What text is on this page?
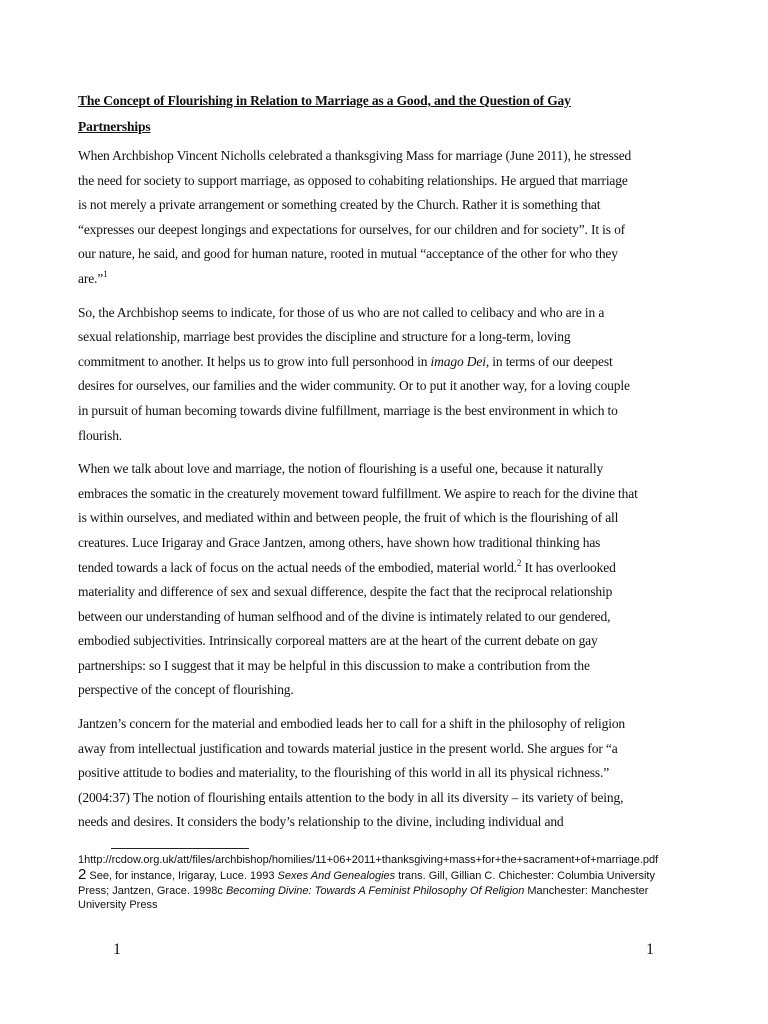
The Concept of Flourishing in Relation to Marriage as a Good, and the Question of Gay Partnerships

When Archbishop Vincent Nicholls celebrated a thanksgiving Mass for marriage (June 2011), he stressed the need for society to support marriage, as opposed to cohabiting relationships. He argued that marriage is not merely a private arrangement or something created by the Church. Rather it is something that “expresses our deepest longings and expectations for ourselves, for our children and for society”. It is of our nature, he said, and good for human nature, rooted in mutual “acceptance of the other for who they are.”$^1$

So, the Archbishop seems to indicate, for those of us who are not called to celibacy and who are in a sexual relationship, marriage best provides the discipline and structure for a long-term, loving commitment to another. It helps us to grow into full personhood in imago Dei, in terms of our deepest desires for ourselves, our families and the wider community. Or to put it another way, for a loving couple in pursuit of human becoming towards divine fulfillment, marriage is the best environment in which to flourish.

When we talk about love and marriage, the notion of flourishing is a useful one, because it naturally embraces the somatic in the creaturely movement toward fulfillment. We aspire to reach for the divine that is within ourselves, and mediated within and between people, the fruit of which is the flourishing of all creatures. Luce Irigaray and Grace Jantzen, among others, have shown how traditional thinking has tended towards a lack of focus on the actual needs of the embodied, material world.$^2$ It has overlooked materiality and difference of sex and sexual difference, despite the fact that the reciprocal relationship between our understanding of human selfhood and of the divine is intimately related to our gendered, embodied subjectivities. Intrinsically corporeal matters are at the heart of the current debate on gay partnerships: so I suggest that it may be helpful in this discussion to make a contribution from the perspective of the concept of flourishing.

Jantzen’s concern for the material and embodied leads her to call for a shift in the philosophy of religion away from intellectual justification and towards material justice in the present world. She argues for “a positive attitude to bodies and materiality, to the flourishing of this world in all its physical richness.” (2004:37) The notion of flourishing entails attention to the body in all its diversity – its variety of being, needs and desires. It considers the body’s relationship to the divine, including individual and

1http://rcdow.org.uk/att/files/archbishop/homilies/11+06+2011+thanksgiving+mass+for+the+sacrament+of+marriage.pdf
2 See, for instance, Irigaray, Luce. 1993 Sexes And Genealogies trans. Gill, Gillian C. Chichester: Columbia University Press; Jantzen, Grace. 1998c Becoming Divine: Towards A Feminist Philosophy Of Religion Manchester: Manchester University Press
1	1
